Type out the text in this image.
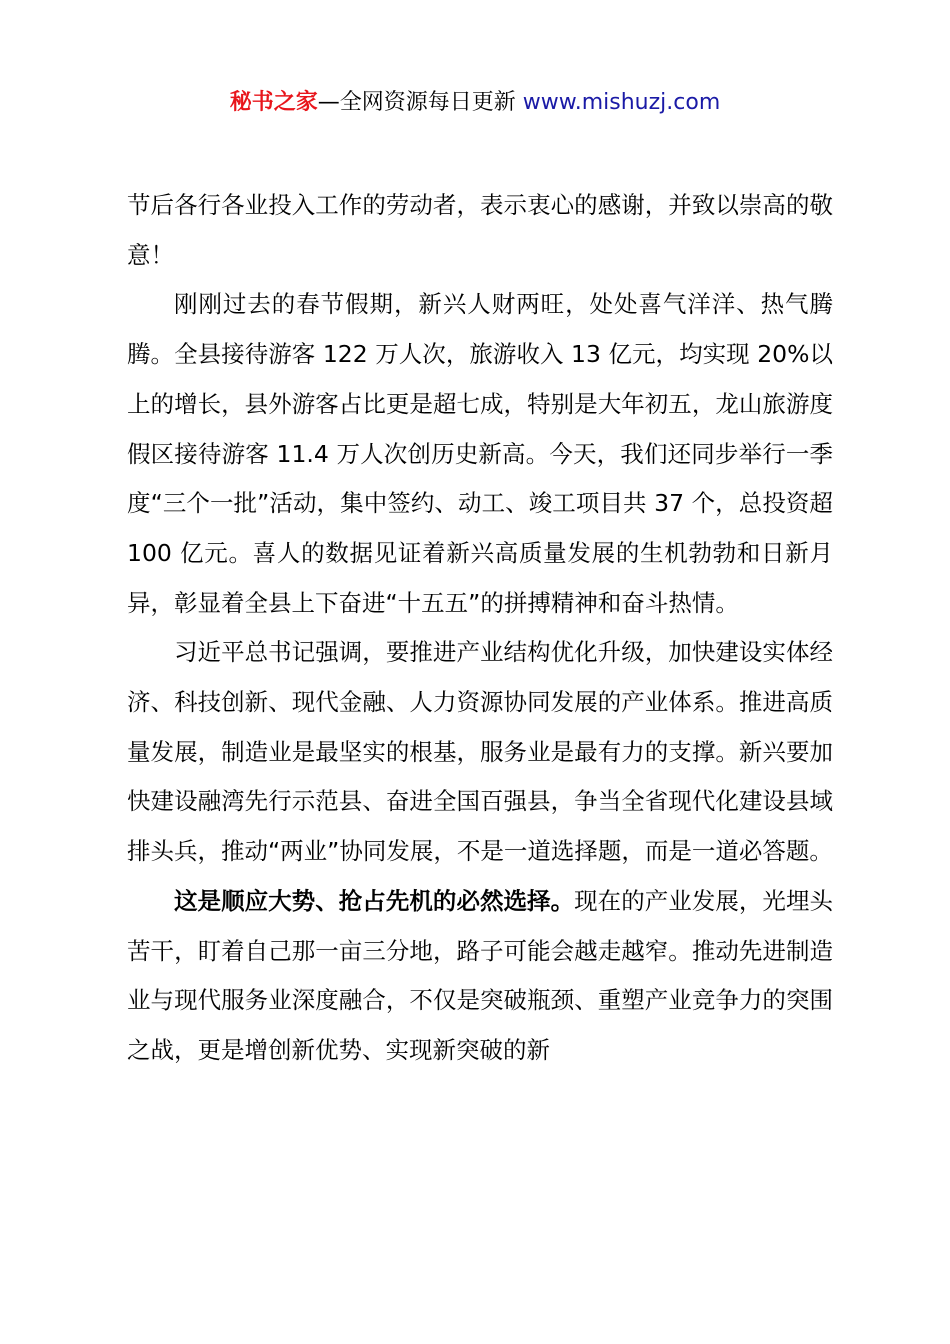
秘书之家—全网资源每日更新 www.mishuzj.com

节后各行各业投入工作的劳动者，表示衷心的感谢，并致以崇高的敬意！

刚刚过去的春节假期，新兴人财两旺，处处喜气洋洋、热气腾腾。全县接待游客 122 万人次，旅游收入 13 亿元，均实现 20%以上的增长，县外游客占比更是超七成，特别是大年初五，龙山旅游度假区接待游客 11.4 万人次创历史新高。今天，我们还同步举行一季度“三个一批”活动，集中签约、动工、竣工项目共 37 个，总投资超 100 亿元。喜人的数据见证着新兴高质量发展的生机勃勃和日新月异，彰显着全县上下奋进“十五五”的拼搏精神和奋斗热情。

习近平总书记强调，要推进产业结构优化升级，加快建设实体经济、科技创新、现代金融、人力资源协同发展的产业体系。推进高质量发展，制造业是最坚实的根基，服务业是最有力的支撑。新兴要加快建设融湾先行示范县、奋进全国百强县，争当全省现代化建设县域排头兵，推动“两业”协同发展，不是一道选择题，而是一道必答题。

这是顺应大势、抢占先机的必然选择。现在的产业发展，光埋头苦干，盯着自己那一亩三分地，路子可能会越走越窄。推动先进制造业与现代服务业深度融合，不仅是突破瓶颈、重塑产业竞争力的突围之战，更是增创新优势、实现新突破的新
